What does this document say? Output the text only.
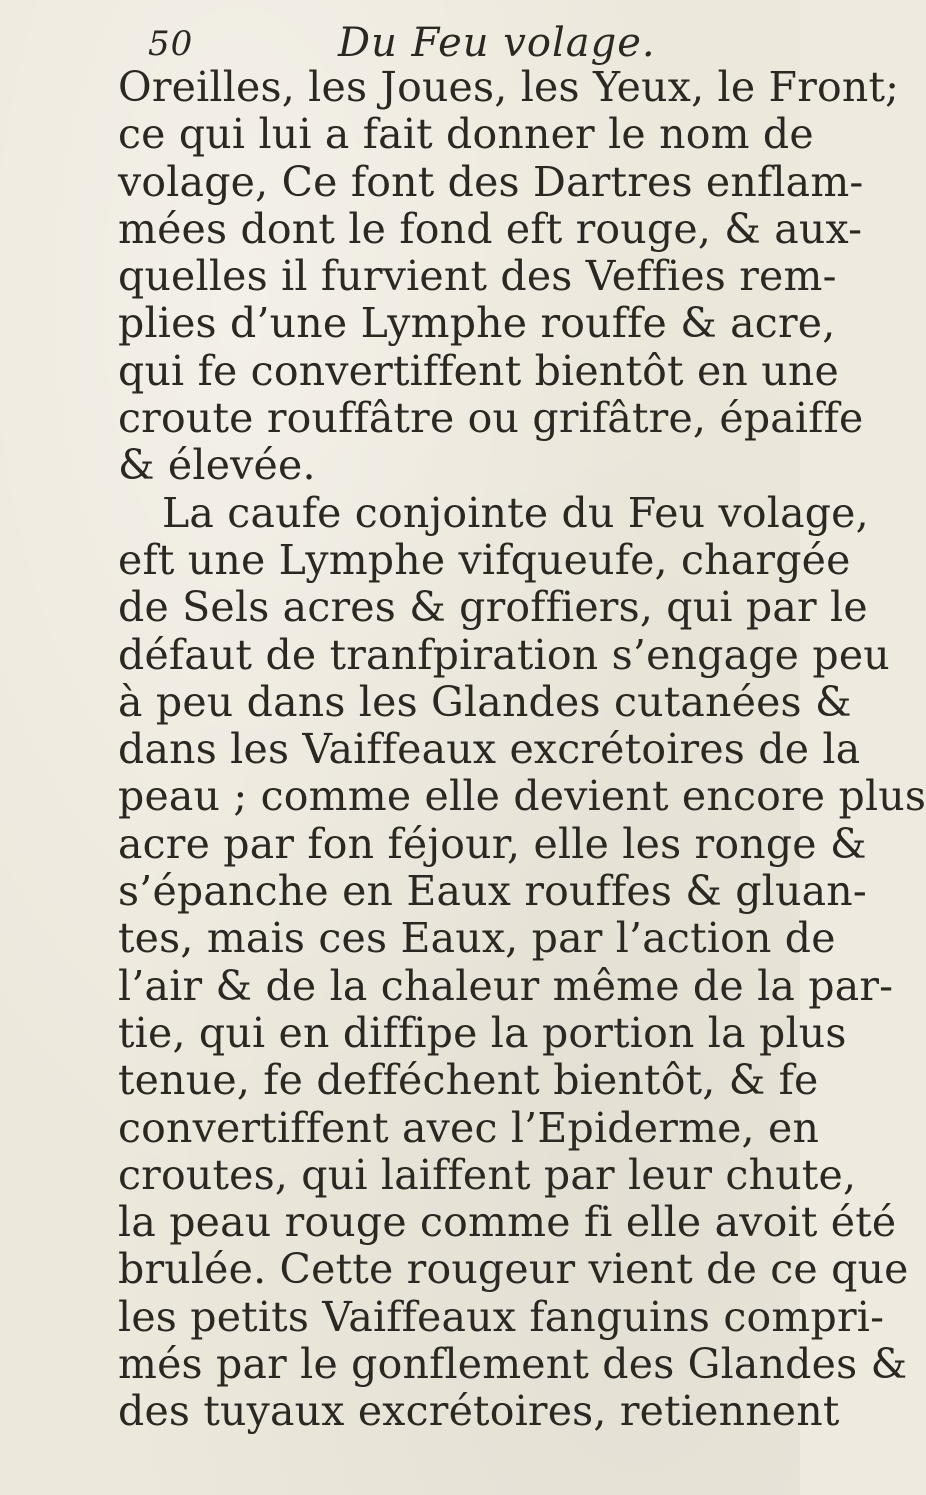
50	Du Feu volage.
Oreilles, les Joues, les Yeux, le Front;
ce qui lui a fait donner le nom de
volage, Ce font des Dartres enflam-
mées dont le fond eft rouge, & aux-
quelles il furvient des Veffies rem-
plies d’une Lymphe rouffe & acre,
qui fe convertiffent bientôt en une
croute rouffâtre ou grifâtre, épaiffe
& élevée.
La caufe conjointe du Feu volage,
eft une Lymphe vifqueufe, chargée
de Sels acres & groffiers, qui par le
défaut de tranfpiration s’engage peu
à peu dans les Glandes cutanées &
dans les Vaiffeaux excrétoires de la
peau ; comme elle devient encore plus
acre par fon féjour, elle les ronge &
s’épanche en Eaux rouffes & gluan-
tes, mais ces Eaux, par l’action de
l’air & de la chaleur même de la par-
tie, qui en diffipe la portion la plus
tenue, fe defféchent bientôt, & fe
convertiffent avec l’Epiderme, en
croutes, qui laiffent par leur chute,
la peau rouge comme fi elle avoit été
brulée. Cette rougeur vient de ce que
les petits Vaiffeaux fanguins compri-
més par le gonflement des Glandes &
des tuyaux excrétoires, retiennent
